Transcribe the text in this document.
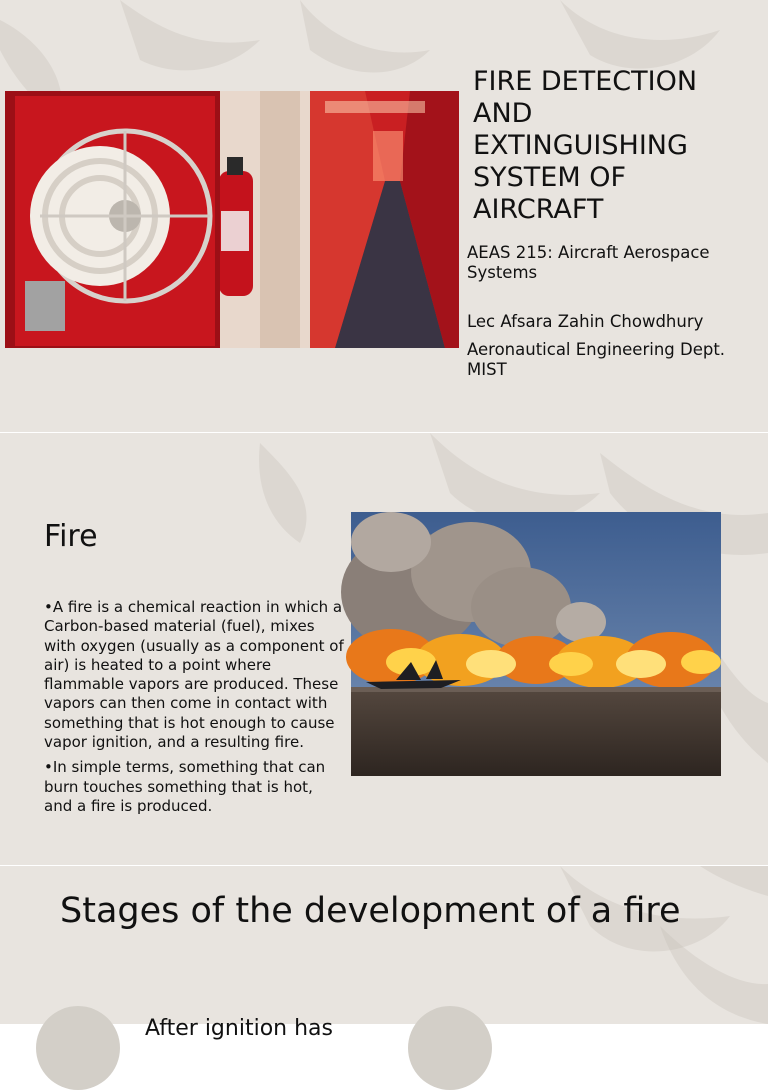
FIRE DETECTION
AND
EXTINGUISHING
SYSTEM OF
AIRCRAFT

AEAS 215: Aircraft Aerospace Systems

Lec Afsara Zahin Chowdhury

Aeronautical Engineering Dept. MIST

Fire
•A fire is a chemical reaction in which a Carbon-based material (fuel), mixes with oxygen (usually as a component of air) is heated to a point where flammable vapors are produced. These vapors can then come in contact with something that is hot enough to cause vapor ignition, and a resulting fire.
•In simple terms, something that can burn touches something that is hot, and a fire is produced.
Stages of the development of a fire
After ignition has
